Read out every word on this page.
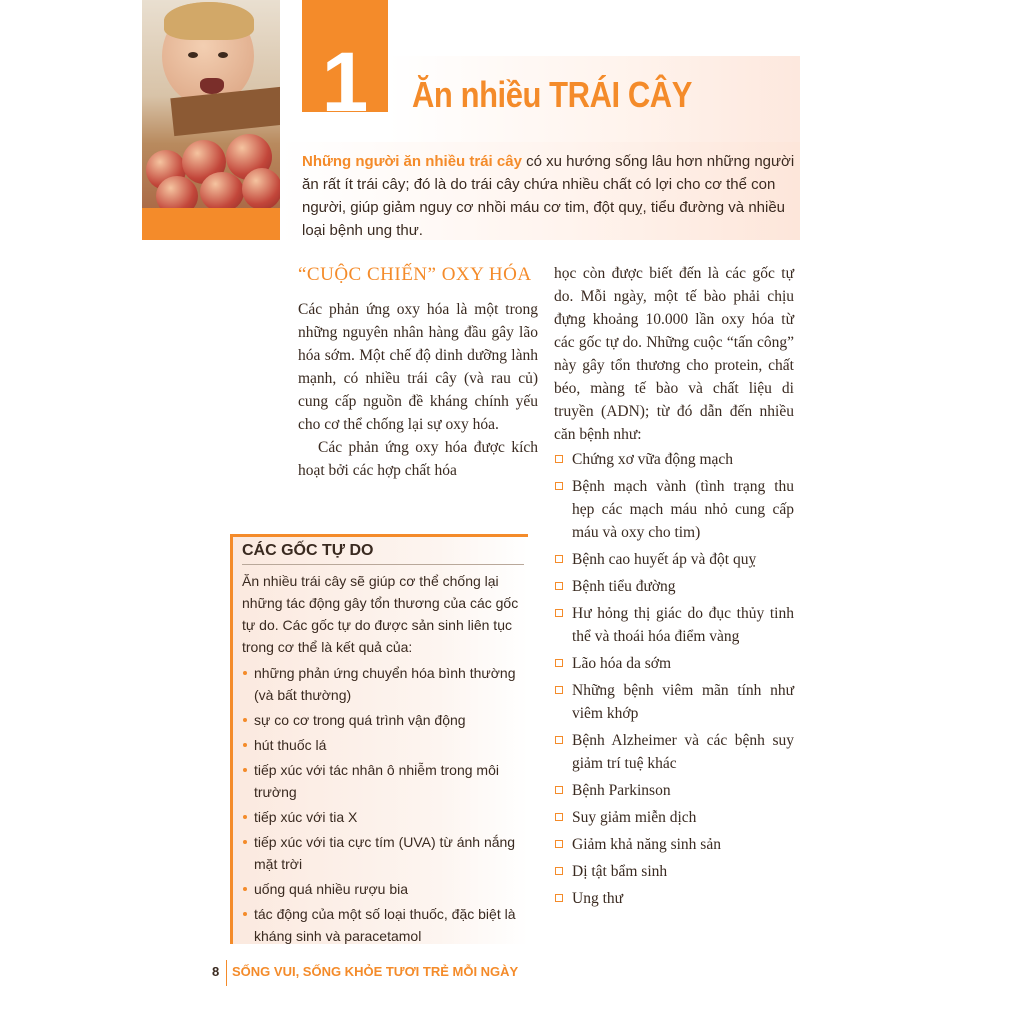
1	Ăn nhiều TRÁI CÂY
Những người ăn nhiều trái cây có xu hướng sống lâu hơn những người ăn rất ít trái cây; đó là do trái cây chứa nhiều chất có lợi cho cơ thể con người, giúp giảm nguy cơ nhồi máu cơ tim, đột quỵ, tiểu đường và nhiều loại bệnh ung thư.
“CUỘC CHIẾN” OXY HÓA

Các phản ứng oxy hóa là một trong những nguyên nhân hàng đầu gây lão hóa sớm. Một chế độ dinh dưỡng lành mạnh, có nhiều trái cây (và rau củ) cung cấp nguồn đề kháng chính yếu cho cơ thể chống lại sự oxy hóa.

Các phản ứng oxy hóa được kích hoạt bởi các hợp chất hóa

học còn được biết đến là các gốc tự do. Mỗi ngày, một tế bào phải chịu đựng khoảng 10.000 lần oxy hóa từ các gốc tự do. Những cuộc “tấn công” này gây tổn thương cho protein, chất béo, màng tế bào và chất liệu di truyền (ADN); từ đó dẫn đến nhiều căn bệnh như:

Chứng xơ vữa động mạch
Bệnh mạch vành (tình trạng thu hẹp các mạch máu nhỏ cung cấp máu và oxy cho tim)
Bệnh cao huyết áp và đột quỵ
Bệnh tiểu đường
Hư hỏng thị giác do đục thủy tinh thể và thoái hóa điểm vàng
Lão hóa da sớm
Những bệnh viêm mãn tính như viêm khớp
Bệnh Alzheimer và các bệnh suy giảm trí tuệ khác
Bệnh Parkinson
Suy giảm miễn dịch
Giảm khả năng sinh sản
Dị tật bẩm sinh
Ung thư
CÁC GỐC TỰ DO

Ăn nhiều trái cây sẽ giúp cơ thể chống lại những tác động gây tổn thương của các gốc tự do. Các gốc tự do được sản sinh liên tục trong cơ thể là kết quả của:

những phản ứng chuyển hóa bình thường (và bất thường)
sự co cơ trong quá trình vận động
hút thuốc lá
tiếp xúc với tác nhân ô nhiễm trong môi trường
tiếp xúc với tia X
tiếp xúc với tia cực tím (UVA) từ ánh nắng mặt trời
uống quá nhiều rượu bia
tác động của một số loại thuốc, đặc biệt là kháng sinh và paracetamol
8 SỐNG VUI, SỐNG KHỎE TƯƠI TRẺ MỖI NGÀY
